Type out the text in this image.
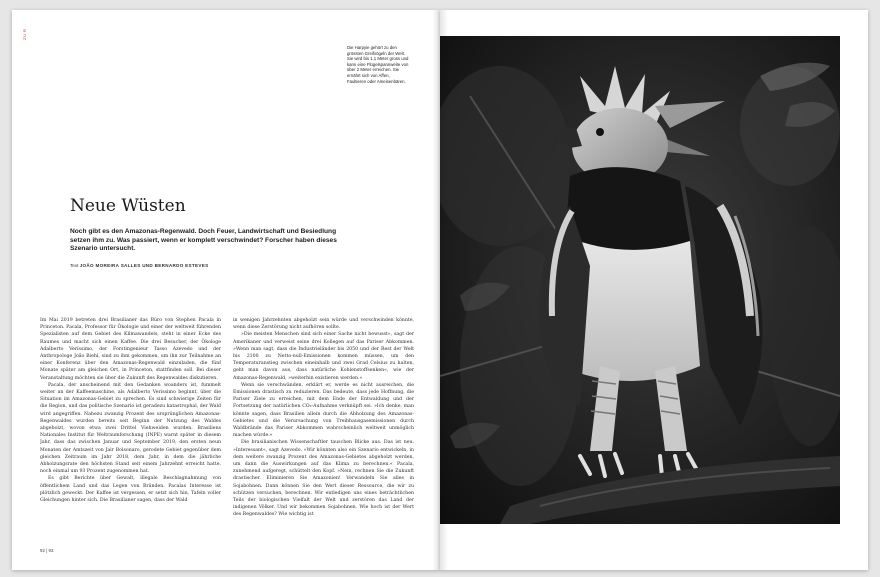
ZU R
Neue Wüsten

Noch gibt es den Amazonas-Regenwald. Doch Feuer, Landwirtschaft und Besiedlung setzen ihm zu. Was passiert, wenn er komplett verschwindet? Forscher haben dieses Szenario untersucht.

Text JOÃO MOREIRA SALLES UND BERNARDO ESTEVES

Im Mai 2019 betreten drei Brasilianer das Büro von Stephen Pacala in Princeton. Pacala, Professor für Ökologie und einer der weltweit führenden Spezialisten auf dem Gebiet des Klimawandels, steht in einer Ecke des Raumes und macht sich einen Kaffee. Die drei Besucher, der Ökologe Adalberto Veríssimo, der Forstingenieur Tasso Azevedo und der Anthropologe João Biehl, sind zu ihm gekommen, um ihn zur Teilnahme an einer Konferenz über den Amazonas-Regenwald einzuladen, die fünf Monate später am gleichen Ort, in Princeton, stattfinden soll. Bei dieser Veranstaltung möchten sie über die Zukunft des Regenwaldes diskutieren.

Pacala, der anscheinend mit den Gedanken woanders ist, fummelt weiter an der Kaffeemaschine, als Adalberto Veríssimo beginnt, über die Situation im Amazonas-Gebiet zu sprechen. Es sind schwierige Zeiten für die Region, und das politische Szenario ist geradezu katastrophal, der Wald wird angegriffen. Nahezu zwanzig Prozent des ursprünglichen Amazonas-Regenwaldes wurden bereits seit Beginn der Nutzung des Waldes abgeholzt, wovon etwa zwei Drittel Viehweiden wurden. Brasiliens Nationales Institut für Weltraumforschung (INPE) warnt später in diesem Jahr, dass das zwischen Januar und September 2019, den ersten neun Monaten der Amtszeit von Jair Bolsonaro, gerodete Gebiet gegenüber dem gleichen Zeitraum im Jahr 2018, dem Jahr, in dem die jährliche Abholzungsrate den höchsten Stand seit einem Jahrzehnt erreicht hatte, noch einmal um 93 Prozent zugenommen hat.

Es gibt Berichte über Gewalt, illegale Beschlagnahmung von öffentlichem Land und das Legen von Bränden. Pacalas Interesse ist plötzlich geweckt. Der Kaffee ist vergessen, er setzt sich hin, Tafeln voller Gleichungen hinter sich. Die Brasilianer sagen, dass der Wald

in wenigen Jahrzehnten abgeholzt sein würde und verschwinden könnte, wenn diese Zerstörung nicht aufhören sollte.

»Die meisten Menschen sind sich einer Sache nicht bewusst«, sagt der Amerikaner und verweist seine drei Kollegen auf das Pariser Abkommen. »Wenn man sagt, dass die Industrieländer bis 2050 und der Rest der Welt bis 2100 zu Netto-null-Emissionen kommen müssen, um den Temperaturanstieg zwischen eineinhalb und zwei Grad Celsius zu halten, geht man davon aus, dass natürliche Kohlenstoffsenken«, wie der Amazonas-Regenwald, »weiterhin existieren werden.«

Wenn sie verschwänden, erklärt er, werde es nicht ausreichen, die Emissionen drastisch zu reduzieren. Das bedeute, dass jede Hoffnung, die Pariser Ziele zu erreichen, mit dem Ende der Entwaldung und der Fortsetzung der natürlichen CO₂-Aufnahme verknüpft sei. »Ich denke, man könnte sagen, dass Brasilien allein durch die Abholzung des Amazonas-Gebietes und die Verursachung von Treibhausgasemissionen durch Waldbrände das Pariser Abkommen wahrscheinlich weltweit unmöglich machen würde.«

Die brasilianischen Wissenschaftler tauschen Blicke aus. Das ist neu. »Interessant«, sagt Azevedo. »Wir könnten also ein Szenario entwickeln, in dem weitere zwanzig Prozent des Amazonas-Gebietes abgeholzt werden, um dann die Auswirkungen auf das Klima zu berechnen.« Pacala, zunehmend aufgeregt, schüttelt den Kopf. »Nein, rechnen Sie die Zukunft drastischer. Eliminieren Sie Amazonien! Verwandeln Sie alles in Sojabohnen. Dann können Sie den Wert dieser Ressource, die wir zu schützen versuchen, berechnen. Wir entledigen uns eines beträchtlichen Teils der biologischen Vielfalt der Welt und zerstören das Land der indigenen Völker. Und wir bekommen Sojabohnen. Wie hoch ist der Wert des Regenwaldes? Wie wichtig ist

92 | 93

Die Harpyie gehört zu den grössten Greifvögeln der Welt. Sie wird bis 1,1 Meter gross und kann eine Flügelspannweite von über 2 Meter erreichen. Sie ernährt sich von Affen, Faultieren oder Ameisenbären.
